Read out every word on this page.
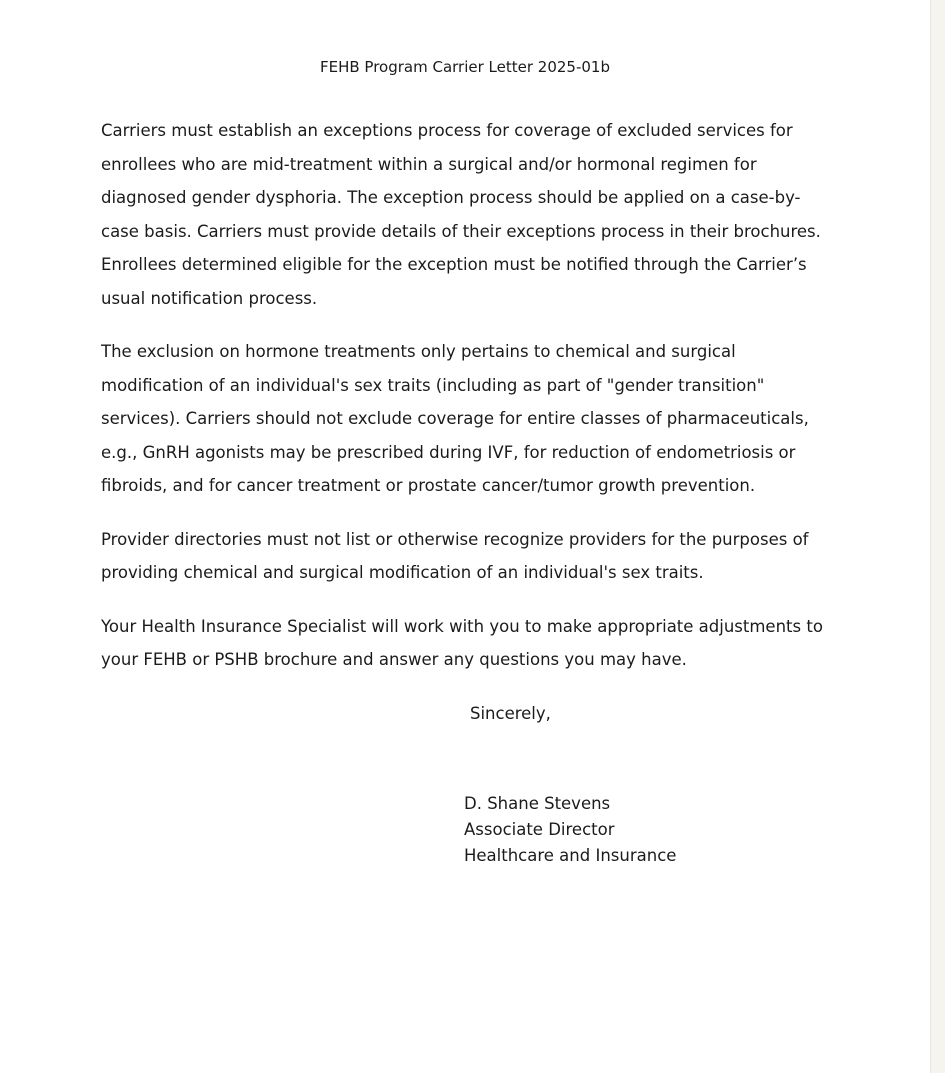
FEHB Program Carrier Letter 2025-01b

Carriers must establish an exceptions process for coverage of excluded services for enrollees who are mid-treatment within a surgical and/or hormonal regimen for diagnosed gender dysphoria. The exception process should be applied on a case-by-case basis. Carriers must provide details of their exceptions process in their brochures. Enrollees determined eligible for the exception must be notified through the Carrier’s usual notification process.

The exclusion on hormone treatments only pertains to chemical and surgical modification of an individual's sex traits (including as part of "gender transition" services). Carriers should not exclude coverage for entire classes of pharmaceuticals, e.g., GnRH agonists may be prescribed during IVF, for reduction of endometriosis or fibroids, and for cancer treatment or prostate cancer/tumor growth prevention.

Provider directories must not list or otherwise recognize providers for the purposes of providing chemical and surgical modification of an individual's sex traits.

Your Health Insurance Specialist will work with you to make appropriate adjustments to your FEHB or PSHB brochure and answer any questions you may have.

Sincerely,

D. Shane Stevens
Associate Director
Healthcare and Insurance
